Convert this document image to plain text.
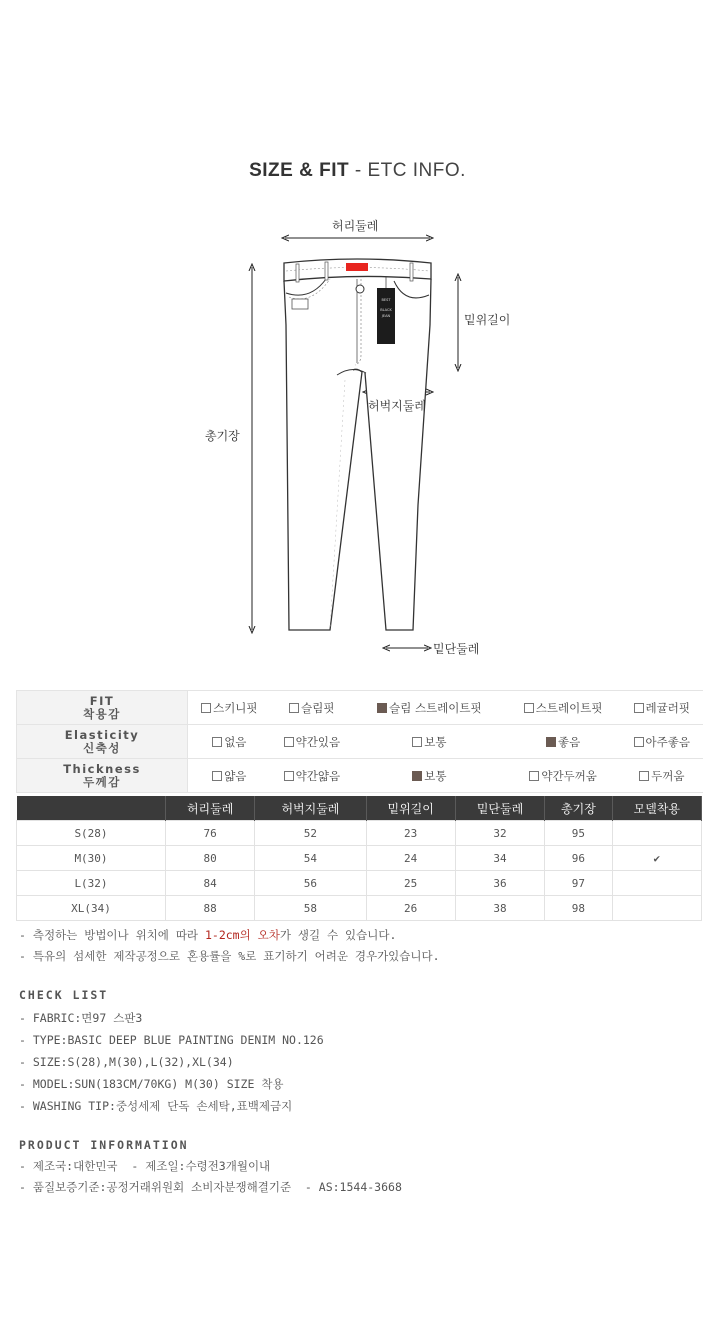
SIZE & FIT - ETC INFO.
BEST
BLACK
JEAN
허리둘레
밑위길이
허벅지둘레
총기장
밑단둘레
FIT
착용감	스키니핏	슬림핏	슬림 스트레이트핏	스트레이트핏	레귤러핏

Elasticity
신축성	없음	약간있음	보통	좋음	아주좋음

Thickness
두께감	얇음	약간얇음	보통	약간두꺼움	두꺼움
	허리둘레	허벅지둘레	밑위길이	밑단둘레	총기장	모델착용
S(28)	76	52	23	32	95	
M(30)	80	54	24	34	96	✔
L(32)	84	56	25	36	97	
XL(34)	88	58	26	38	98	
- 측정하는 방법이나 위치에 따라 1-2cm의 오차가 생길 수 있습니다.
- 특유의 섬세한 제작공정으로 혼용률을 %로 표기하기 어려운 경우가있습니다.
CHECK LIST
- FABRIC:면97 스판3
- TYPE:BASIC DEEP BLUE PAINTING DENIM NO.126
- SIZE:S(28),M(30),L(32),XL(34)
- MODEL:SUN(183CM/70KG) M(30) SIZE 착용
- WASHING TIP:중성세제 단독 손세탁,표백제금지
PRODUCT INFORMATION
- 제조국:대한민국  - 제조일:수령전3개월이내
- 품질보증기준:공정거래위원회 소비자분쟁해결기준  - AS:1544-3668
